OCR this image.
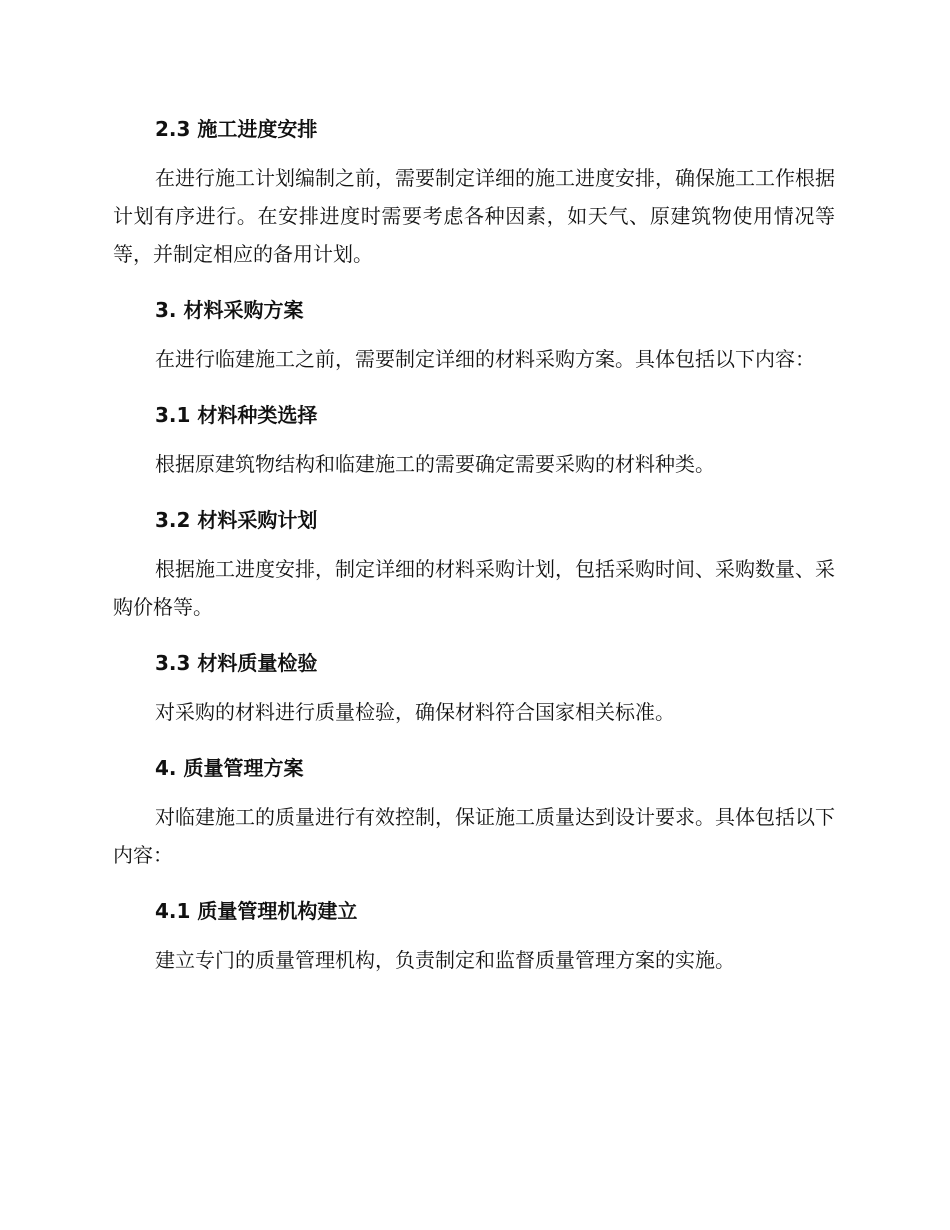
2.3 施工进度安排
在进行施工计划编制之前，需要制定详细的施工进度安排，确保施工工作根据计划有序进行。在安排进度时需要考虑各种因素，如天气、原建筑物使用情况等等，并制定相应的备用计划。
3. 材料采购方案
在进行临建施工之前，需要制定详细的材料采购方案。具体包括以下内容：
3.1 材料种类选择
根据原建筑物结构和临建施工的需要确定需要采购的材料种类。
3.2 材料采购计划
根据施工进度安排，制定详细的材料采购计划，包括采购时间、采购数量、采购价格等。
3.3 材料质量检验
对采购的材料进行质量检验，确保材料符合国家相关标准。
4. 质量管理方案
对临建施工的质量进行有效控制，保证施工质量达到设计要求。具体包括以下内容：
4.1 质量管理机构建立
建立专门的质量管理机构，负责制定和监督质量管理方案的实施。
